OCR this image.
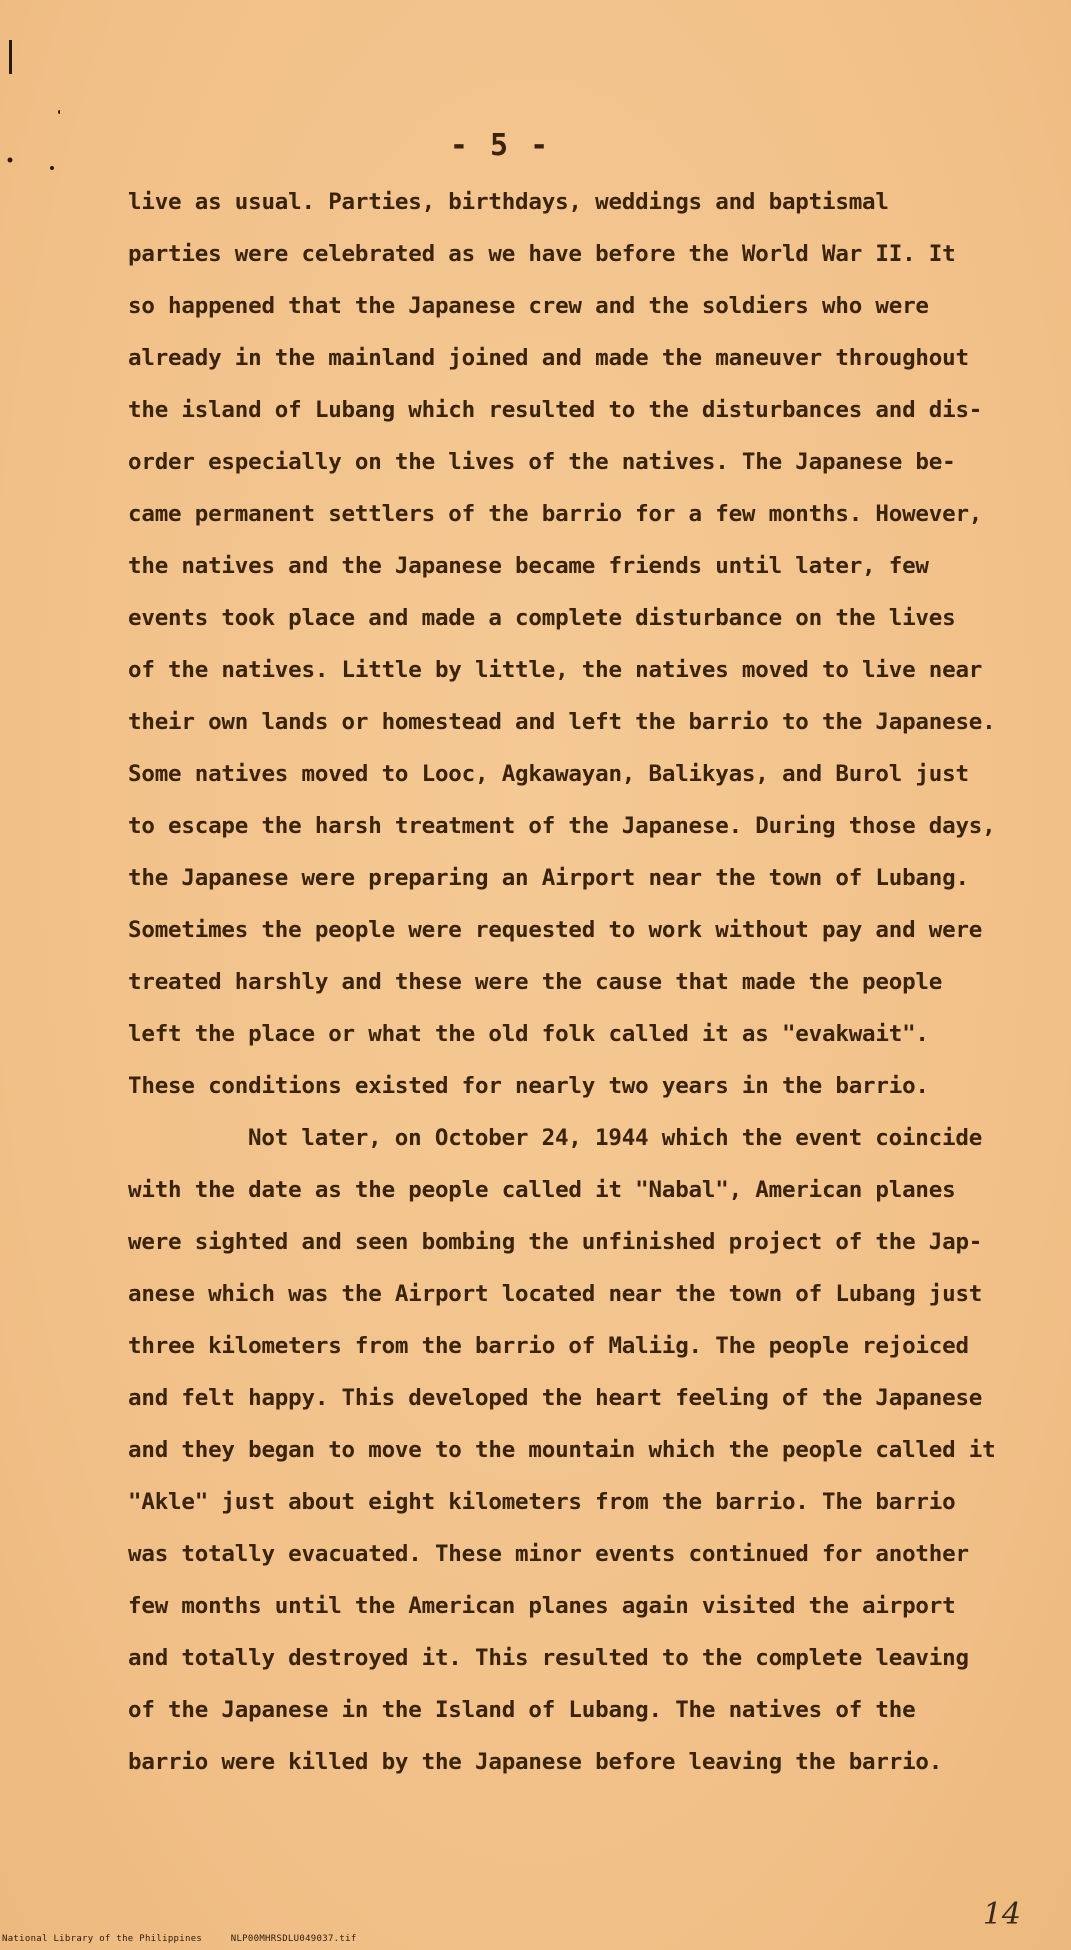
- 5 -
live as usual. Parties, birthdays, weddings and baptismal
parties were celebrated as we have before the World War II. It
so happened that the Japanese crew and the soldiers who were
already in the mainland joined and made the maneuver throughout
the island of Lubang which resulted to the disturbances and dis-
order especially on the lives of the natives. The Japanese be-
came permanent settlers of the barrio for a few months. However,
the natives and the Japanese became friends until later, few
events took place and made a complete disturbance on the lives
of the natives. Little by little, the natives moved to live near
their own lands or homestead and left the barrio to the Japanese.
Some natives moved to Looc, Agkawayan, Balikyas, and Burol just
to escape the harsh treatment of the Japanese. During those days,
the Japanese were preparing an Airport near the town of Lubang.
Sometimes the people were requested to work without pay and were
treated harshly and these were the cause that made the people
left the place or what the old folk called it as "evakwait".
These conditions existed for nearly two years in the barrio.
Not later, on October 24, 1944 which the event coincide
with the date as the people called it "Nabal", American planes
were sighted and seen bombing the unfinished project of the Jap-
anese which was the Airport located near the town of Lubang just
three kilometers from the barrio of Maliig. The people rejoiced
and felt happy. This developed the heart feeling of the Japanese
and they began to move to the mountain which the people called it
"Akle" just about eight kilometers from the barrio. The barrio
was totally evacuated. These minor events continued for another
few months until the American planes again visited the airport
and totally destroyed it. This resulted to the complete leaving
of the Japanese in the Island of Lubang. The natives of the
barrio were killed by the Japanese before leaving the barrio.
National Library of the Philippines     NLP00MHRSDLU049037.tif
14
